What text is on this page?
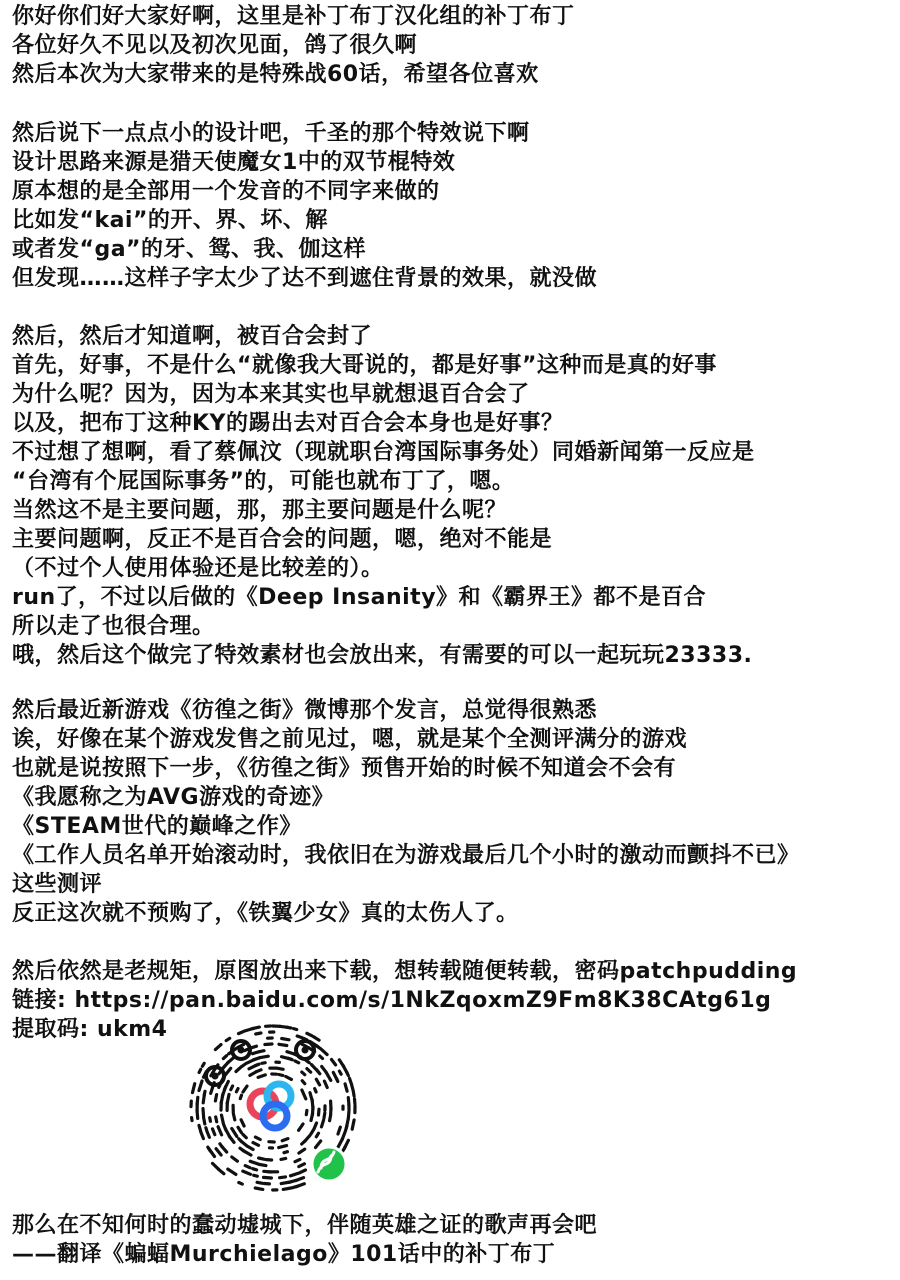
你好你们好大家好啊，这里是补丁布丁汉化组的补丁布丁
各位好久不见以及初次见面，鸽了很久啊
然后本次为大家带来的是特殊战60话，希望各位喜欢
然后说下一点点小的设计吧，千圣的那个特效说下啊
设计思路来源是猎天使魔女1中的双节棍特效
原本想的是全部用一个发音的不同字来做的
比如发“kai”的开、界、坏、解
或者发“ga”的牙、鸳、我、伽这样
但发现……这样子字太少了达不到遮住背景的效果，就没做
然后，然后才知道啊，被百合会封了
首先，好事，不是什么“就像我大哥说的，都是好事”这种而是真的好事
为什么呢？因为，因为本来其实也早就想退百合会了
以及，把布丁这种KY的踢出去对百合会本身也是好事？
不过想了想啊，看了蔡佩汶（现就职台湾国际事务处）同婚新闻第一反应是
“台湾有个屁国际事务”的，可能也就布丁了，嗯。
当然这不是主要问题，那，那主要问题是什么呢？
主要问题啊，反正不是百合会的问题，嗯，绝对不能是
（不过个人使用体验还是比较差的）。
run了，不过以后做的《Deep Insanity》和《霸界王》都不是百合
所以走了也很合理。
哦，然后这个做完了特效素材也会放出来，有需要的可以一起玩玩23333.
然后最近新游戏《彷徨之街》微博那个发言，总觉得很熟悉
诶，好像在某个游戏发售之前见过，嗯，就是某个全测评满分的游戏
也就是说按照下一步，《彷徨之街》预售开始的时候不知道会不会有
《我愿称之为AVG游戏的奇迹》
《STEAM世代的巅峰之作》
《工作人员名单开始滚动时，我依旧在为游戏最后几个小时的激动而颤抖不已》
这些测评
反正这次就不预购了，《铁翼少女》真的太伤人了。
然后依然是老规矩，原图放出来下载，想转载随便转载，密码patchpudding
链接: https://pan.baidu.com/s/1NkZqoxmZ9Fm8K38CAtg61g
提取码: ukm4
那么在不知何时的蠢动墟城下，伴随英雄之证的歌声再会吧
——翻译《蝙蝠Murchielago》101话中的补丁布丁
